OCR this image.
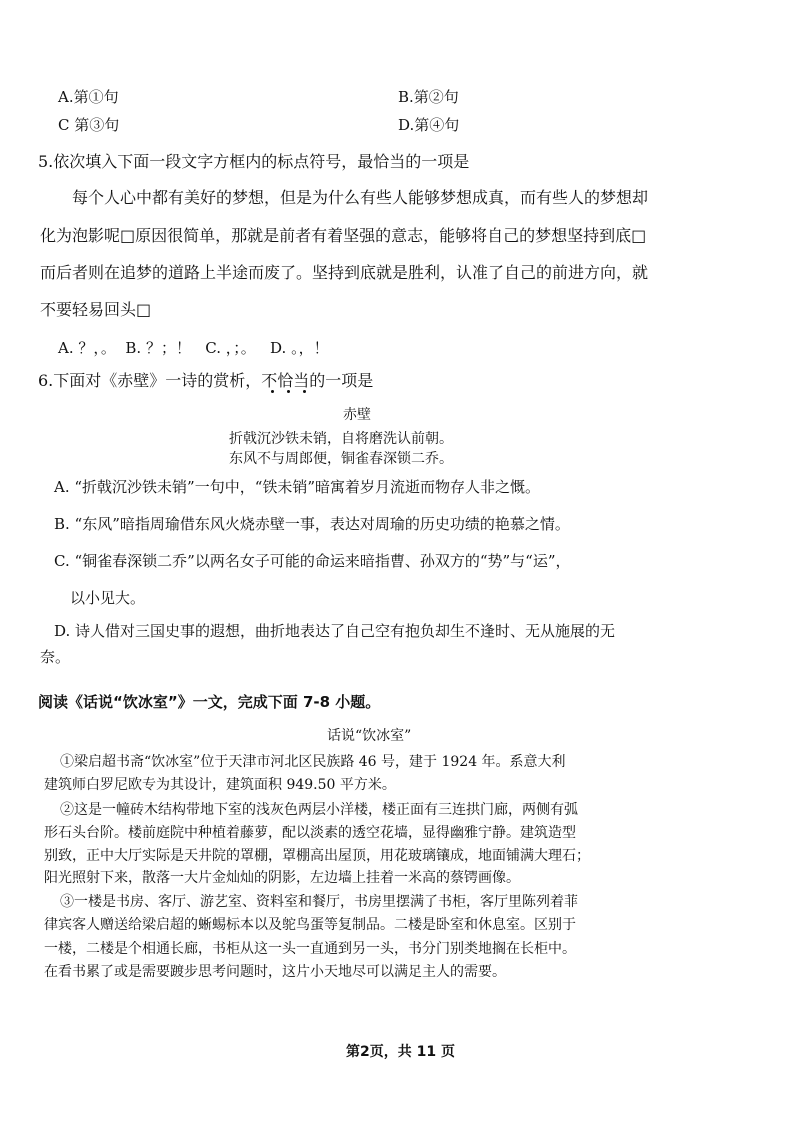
A.第①句	B.第②句
C 第③句	D.第④句
5.依次填入下面一段文字方框内的标点符号，最恰当的一项是
每个人心中都有美好的梦想，但是为什么有些人能够梦想成真，而有些人的梦想却
化为泡影呢□原因很简单，那就是前者有着坚强的意志，能够将自己的梦想坚持到底□
而后者则在追梦的道路上半途而废了。坚持到底就是胜利，认准了自己的前进方向，就
不要轻易回头□
A. ？，。  B. ？；！   C. ，；。   D. 。，！
6.下面对《赤壁》一诗的赏析，不恰当的一项是
赤壁
折戟沉沙铁未销，自将磨洗认前朝。
东风不与周郎便，铜雀春深锁二乔。
A. “折戟沉沙铁未销”一句中，“铁未销”暗寓着岁月流逝而物存人非之慨。
B. “东风”暗指周瑜借东风火烧赤壁一事，表达对周瑜的历史功绩的艳慕之情。
C. “铜雀春深锁二乔”以两名女子可能的命运来暗指曹、孙双方的“势”与“运”，
以小见大。
D. 诗人借对三国史事的遐想，曲折地表达了自己空有抱负却生不逢时、无从施展的无
奈。
阅读《话说“饮冰室”》一文，完成下面 7-8 小题。
话说“饮冰室”
①梁启超书斋“饮冰室”位于天津市河北区民族路 46 号，建于 1924 年。系意大利
建筑师白罗尼欧专为其设计，建筑面积 949.50 平方米。
②这是一幢砖木结构带地下室的浅灰色两层小洋楼，楼正面有三连拱门廊，两侧有弧
形石头台阶。楼前庭院中种植着藤萝，配以淡素的透空花墙，显得幽雅宁静。建筑造型
别致，正中大厅实际是天井院的罩棚，罩棚高出屋顶，用花玻璃镶成，地面铺满大理石；
阳光照射下来，散落一大片金灿灿的阴影，左边墙上挂着一米高的蔡锷画像。
③一楼是书房、客厅、游艺室、资料室和餐厅，书房里摆满了书柜，客厅里陈列着菲
律宾客人赠送给梁启超的蜥蜴标本以及鸵鸟蛋等复制品。二楼是卧室和休息室。区别于
一楼，二楼是个相通长廊，书柜从这一头一直通到另一头，书分门别类地搁在长柜中。
在看书累了或是需要踱步思考问题时，这片小天地尽可以满足主人的需要。
第2页，共 11 页
